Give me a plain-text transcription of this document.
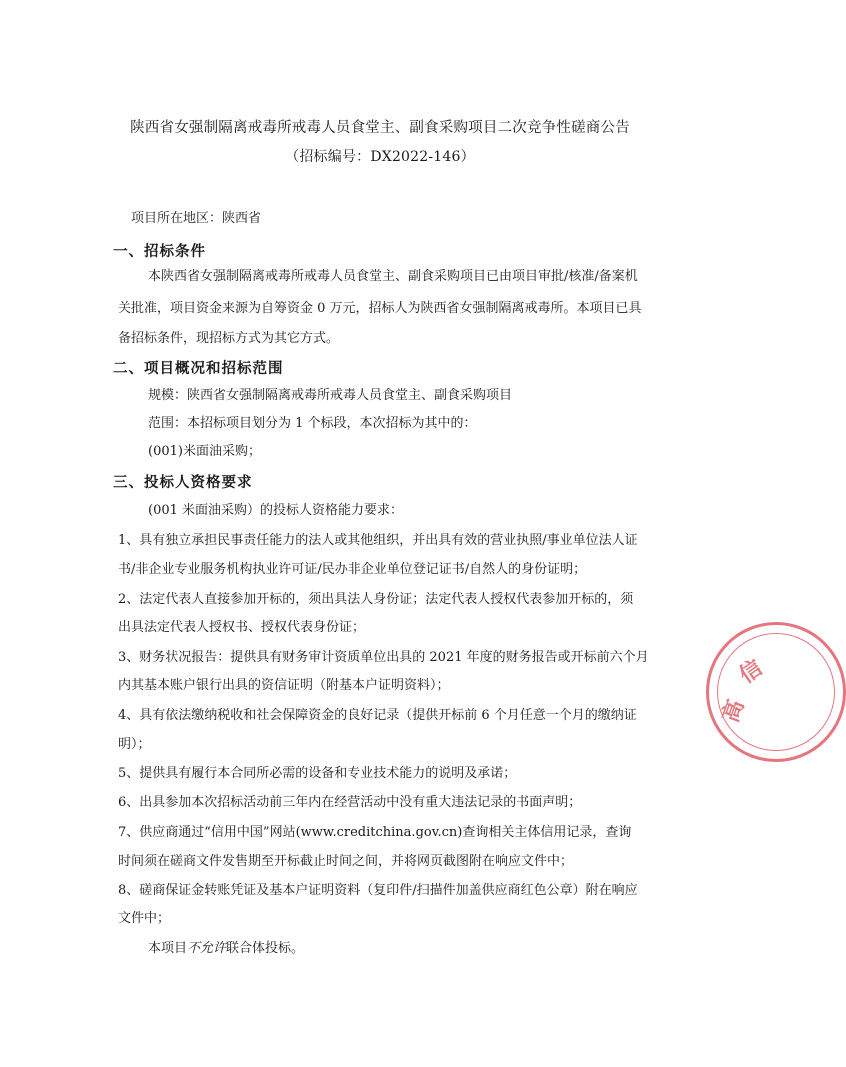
陕西省女强制隔离戒毒所戒毒人员食堂主、副食采购项目二次竞争性磋商公告
（招标编号：DX2022-146）
项目所在地区：陕西省
一、招标条件
本陕西省女强制隔离戒毒所戒毒人员食堂主、副食采购项目已由项目审批/核准/备案机
关批准，项目资金来源为自筹资金 0 万元，招标人为陕西省女强制隔离戒毒所。本项目已具
备招标条件，现招标方式为其它方式。
二、项目概况和招标范围
规模：陕西省女强制隔离戒毒所戒毒人员食堂主、副食采购项目
范围：本招标项目划分为 1 个标段，本次招标为其中的：
(001)米面油采购；
三、投标人资格要求
(001 米面油采购）的投标人资格能力要求：
1、具有独立承担民事责任能力的法人或其他组织，并出具有效的营业执照/事业单位法人证
书/非企业专业服务机构执业许可证/民办非企业单位登记证书/自然人的身份证明；
2、法定代表人直接参加开标的，须出具法人身份证；法定代表人授权代表参加开标的，须
出具法定代表人授权书、授权代表身份证；
3、财务状况报告：提供具有财务审计资质单位出具的 2021 年度的财务报告或开标前六个月
内其基本账户银行出具的资信证明（附基本户证明资料）；
4、具有依法缴纳税收和社会保障资金的良好记录（提供开标前 6 个月任意一个月的缴纳证
明）；
5、提供具有履行本合同所必需的设备和专业技术能力的说明及承诺；
6、出具参加本次招标活动前三年内在经营活动中没有重大违法记录的书面声明；
7、供应商通过“信用中国”网站(www.creditchina.gov.cn)查询相关主体信用记录，查询
时间须在磋商文件发售期至开标截止时间之间，并将网页截图附在响应文件中；
8、磋商保证金转账凭证及基本户证明资料（复印件/扫描件加盖供应商红色公章）附在响应
文件中；
本项目不允许联合体投标。
高
信
